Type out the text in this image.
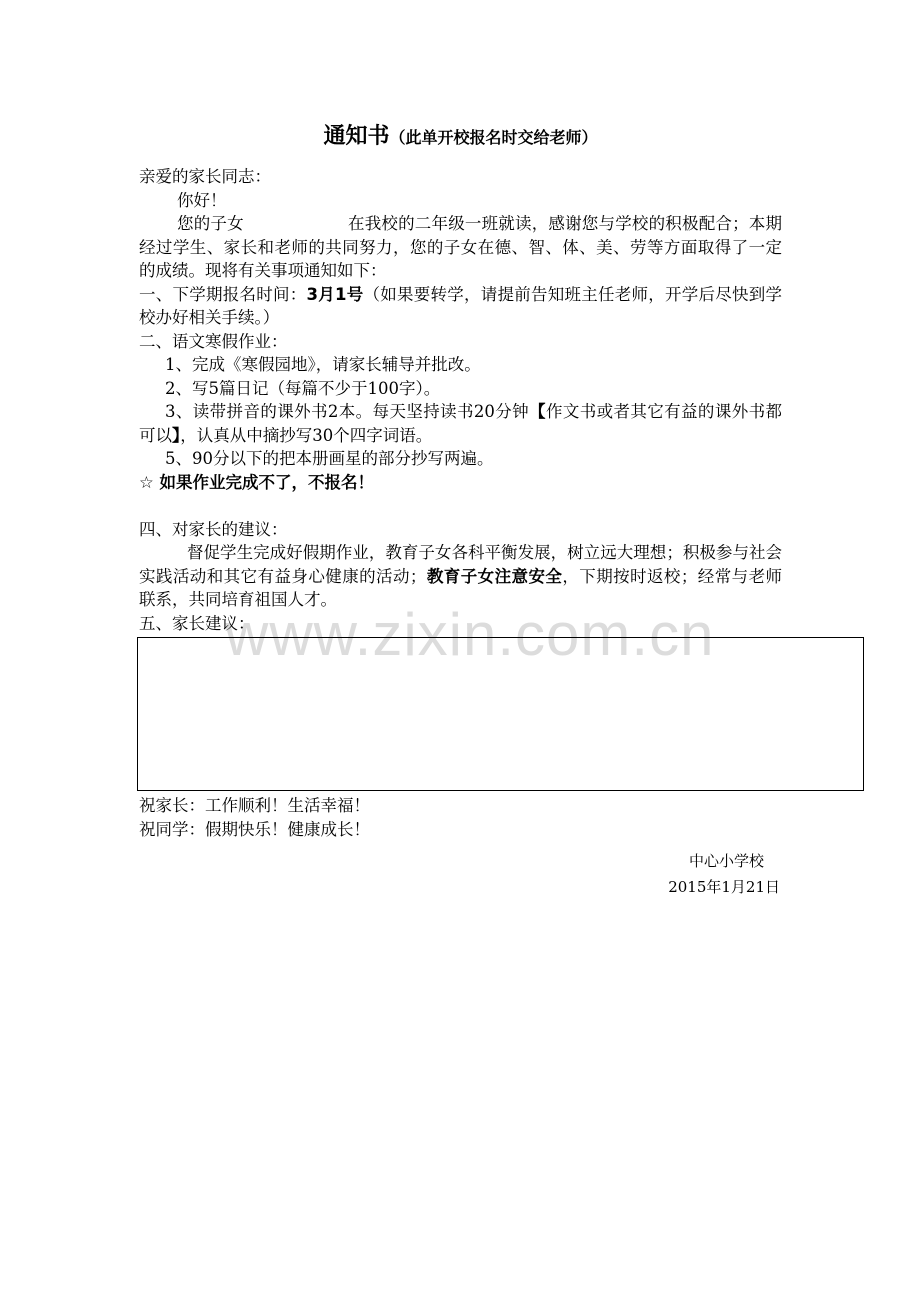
www.zixin.com.cn
通知书（此单开校报名时交给老师）

亲爱的家长同志：

你好！

您的子女	在我校的二年级一班就读，感谢您与学校的积极配合；本期经过学生、家长和老师的共同努力，您的子女在德、智、体、美、劳等方面取得了一定的成绩。现将有关事项通知如下：

一、下学期报名时间：3月1号（如果要转学，请提前告知班主任老师，开学后尽快到学校办好相关手续。）

二、语文寒假作业：

1、完成《寒假园地》，请家长辅导并批改。

2、写5篇日记（每篇不少于100字）。

3、读带拼音的课外书2本。每天坚持读书20分钟【作文书或者其它有益的课外书都可以】，认真从中摘抄写30个四字词语。

5、90分以下的把本册画星的部分抄写两遍。

☆ 如果作业完成不了，不报名！

四、对家长的建议：

督促学生完成好假期作业，教育子女各科平衡发展，树立远大理想；积极参与社会实践活动和其它有益身心健康的活动；教育子女注意安全，下期按时返校；经常与老师联系，共同培育祖国人才。

五、家长建议：

祝家长：工作顺利！生活幸福！

祝同学：假期快乐！健康成长！

中心小学校
2015年1月21日
